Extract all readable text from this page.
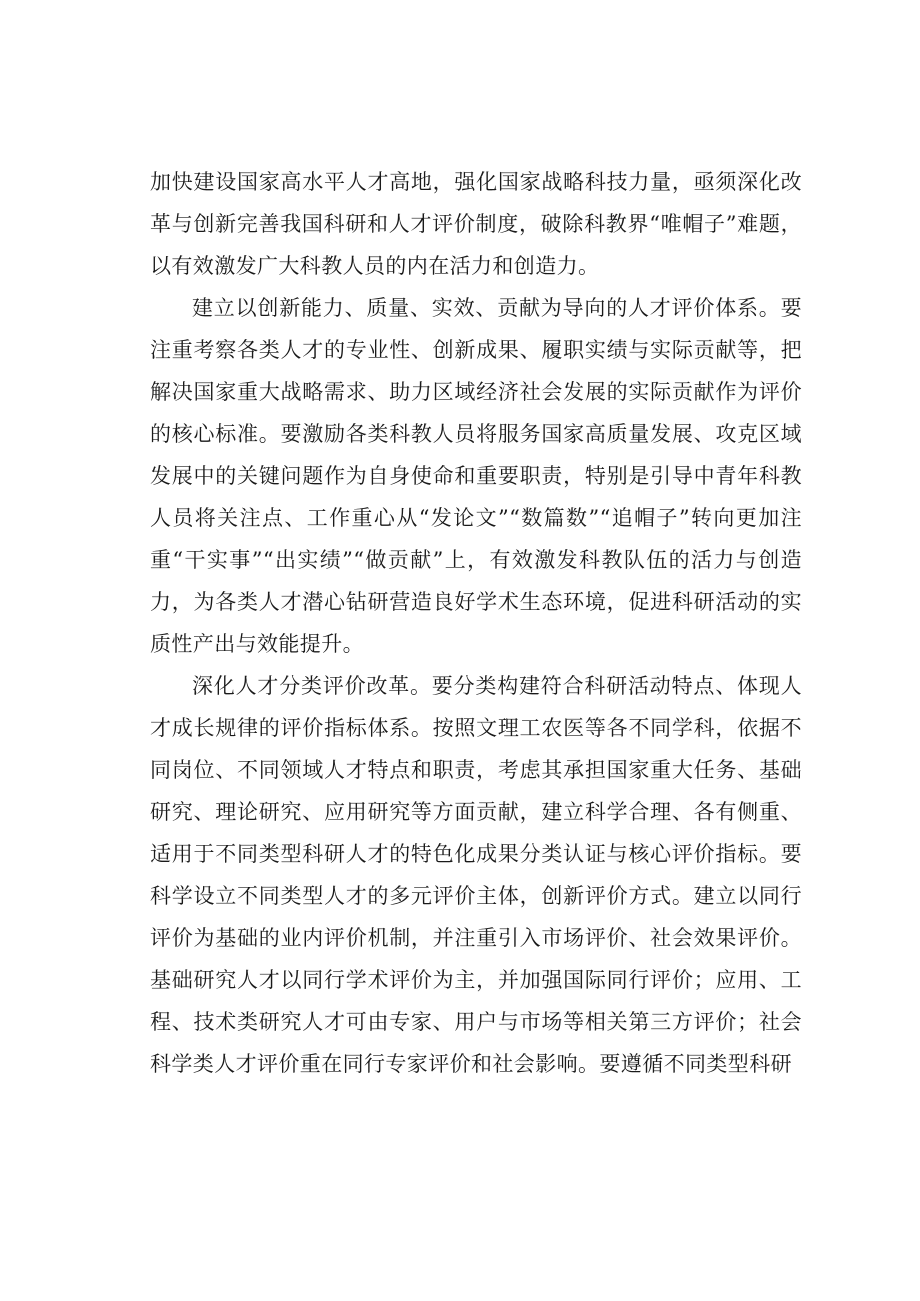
加快建设国家高水平人才高地，强化国家战略科技力量，亟须深化改革与创新完善我国科研和人才评价制度，破除科教界“唯帽子”难题，以有效激发广大科教人员的内在活力和创造力。

建立以创新能力、质量、实效、贡献为导向的人才评价体系。要注重考察各类人才的专业性、创新成果、履职实绩与实际贡献等，把解决国家重大战略需求、助力区域经济社会发展的实际贡献作为评价的核心标准。要激励各类科教人员将服务国家高质量发展、攻克区域发展中的关键问题作为自身使命和重要职责，特别是引导中青年科教人员将关注点、工作重心从“发论文”“数篇数”“追帽子”转向更加注重“干实事”“出实绩”“做贡献”上，有效激发科教队伍的活力与创造力，为各类人才潜心钻研营造良好学术生态环境，促进科研活动的实质性产出与效能提升。

深化人才分类评价改革。要分类构建符合科研活动特点、体现人才成长规律的评价指标体系。按照文理工农医等各不同学科，依据不同岗位、不同领域人才特点和职责，考虑其承担国家重大任务、基础研究、理论研究、应用研究等方面贡献，建立科学合理、各有侧重、适用于不同类型科研人才的特色化成果分类认证与核心评价指标。要科学设立不同类型人才的多元评价主体，创新评价方式。建立以同行评价为基础的业内评价机制，并注重引入市场评价、社会效果评价。基础研究人才以同行学术评价为主，并加强国际同行评价；应用、工程、技术类研究人才可由专家、用户与市场等相关第三方评价；社会科学类人才评价重在同行专家评价和社会影响。要遵循不同类型科研
